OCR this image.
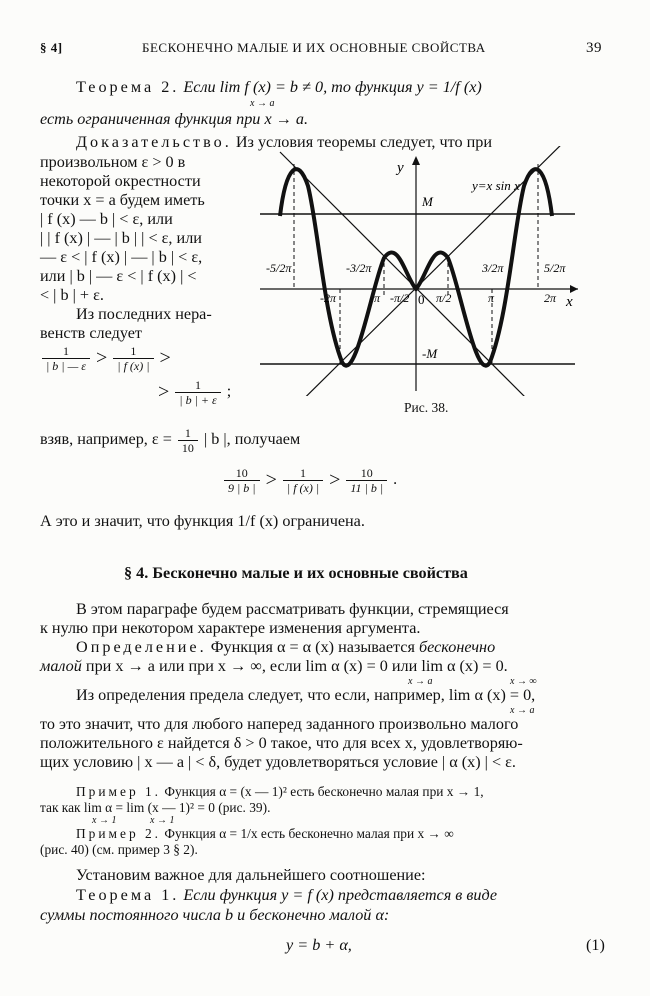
§ 4]	БЕСКОНЕЧНО МАЛЫЕ И ИХ ОСНОВНЫЕ СВОЙСТВА	39
Теорема 2. Если lim f (x) = b ≠ 0, то функция y = 1/f (x)
x → a
есть ограниченная функция при x → a.
Доказательство. Из условия теоремы следует, что при
произвольном ε > 0 в
некоторой окрестности
точки x = a будем иметь
| f (x) — b | < ε, или
| | f (x) | — | b | | < ε, или
— ε < | f (x) | — | b | < ε,
или | b | — ε < | f (x) | <
< | b | + ε.
Из последних нера-
венств следует
$\frac{1}{| b | — \varepsilon} > \frac{1}{| f (x) |}$ >
> $\frac{1}{| b | + \varepsilon}$ ;
y
x
y=x sin x
M
-M
0
-2π	-π -π/2 π/2	π	2π
-5/2π	-3/2π	3/2π	5/2π
Рис. 38.
взяв, например, $\varepsilon = \frac{1}{10}$ | b |, получаем
$\frac{10}{9 | b |} > \frac{1}{| f (x) |} > \frac{10}{11 | b |}$ .
А это и значит, что функция 1/f (x) ограничена.
§ 4. Бесконечно малые и их основные свойства
В этом параграфе будем рассматривать функции, стремящиеся
к нулю при некотором характере изменения аргумента.
Определение. Функция α = α (x) называется бесконечно
малой при x → a или при x → ∞, если lim α (x) = 0 или lim α (x) = 0.
x → a	x → ∞
Из определения предела следует, что если, например, lim α (x) = 0,
x → a
то это значит, что для любого наперед заданного произвольно малого
положительного ε найдется δ > 0 такое, что для всех x, удовлетворяю-
щих условию | x — a | < δ, будет удовлетворяться условие | α (x) | < ε.
Пример 1. Функция α = (x — 1)² есть бесконечно малая при x → 1,
так как lim α = lim (x — 1)² = 0 (рис. 39).
x → 1	x → 1
Пример 2. Функция α = 1/x есть бесконечно малая при x → ∞
(рис. 40) (см. пример 3 § 2).
Установим важное для дальнейшего соотношение:
Теорема 1. Если функция y = f (x) представляется в виде
суммы постоянного числа b и бесконечно малой α:
y = b + α,	(1)
